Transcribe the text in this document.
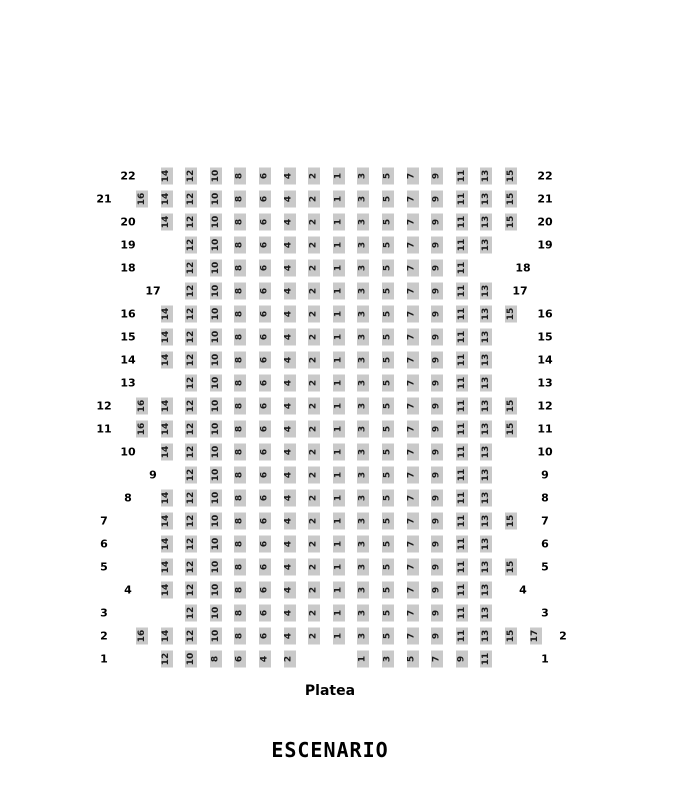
Platea
ESCENARIO
22	22
14 12 10 8 6 4 2 1 3 5 7 9 11 13 15
21	21
16 14 12 10 8 6 4 2 1 3 5 7 9 11 13 15
20	20
14 12 10 8 6 4 2 1 3 5 7 9 11 13 15
19	19
12 10 8 6 4 2 1 3 5 7 9 11 13
18	18
12 10 8 6 4 2 1 3 5 7 9 11
17	17
12 10 8 6 4 2 1 3 5 7 9 11 13
16	16
14 12 10 8 6 4 2 1 3 5 7 9 11 13 15
15	15
14 12 10 8 6 4 2 1 3 5 7 9 11 13
14	14
14 12 10 8 6 4 2 1 3 5 7 9 11 13
13	13
12 10 8 6 4 2 1 3 5 7 9 11 13
12	12
16 14 12 10 8 6 4 2 1 3 5 7 9 11 13 15
11	11
16 14 12 10 8 6 4 2 1 3 5 7 9 11 13 15
10	10
14 12 10 8 6 4 2 1 3 5 7 9 11 13
9	9
12 10 8 6 4 2 1 3 5 7 9 11 13
8	8
14 12 10 8 6 4 2 1 3 5 7 9 11 13
7	7
14 12 10 8 6 4 2 1 3 5 7 9 11 13 15
6	6
14 12 10 8 6 4 2 1 3 5 7 9 11 13
5	5
14 12 10 8 6 4 2 1 3 5 7 9 11 13 15
4	4
14 12 10 8 6 4 2 1 3 5 7 9 11 13
3	3
12 10 8 6 4 2 1 3 5 7 9 11 13
2	2
16 14 12 10 8 6 4 2 1 3 5 7 9 11 13 15 17
1	1
12 10 8 6 4 2	1 3 5 7 9 11
